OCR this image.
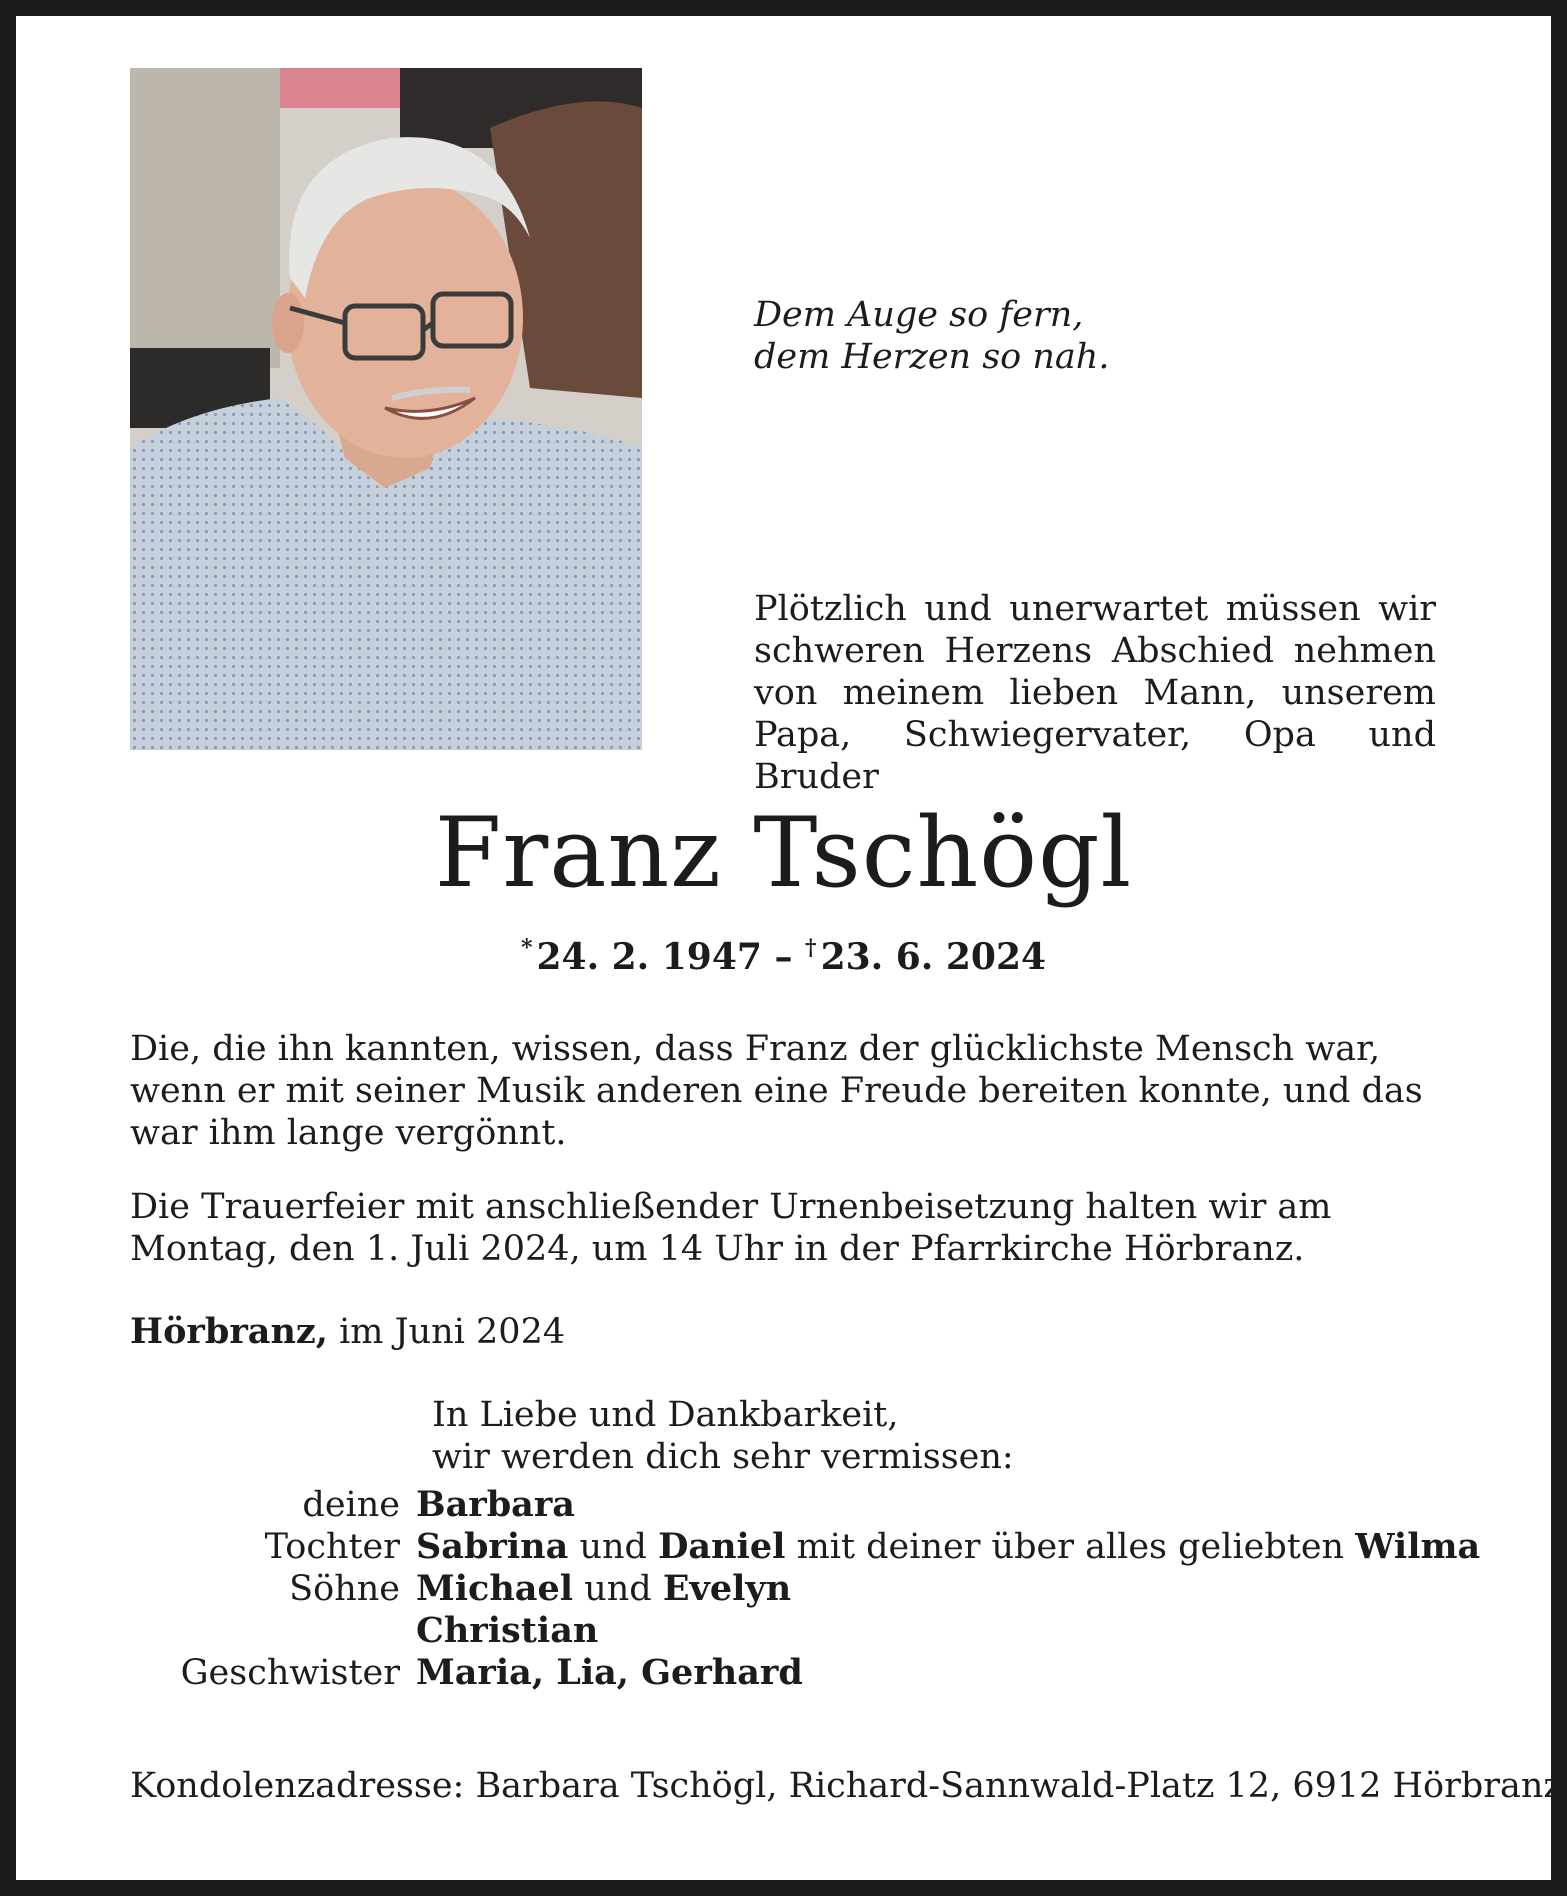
Dem Auge so fern,
dem Herzen so nah.
Plötzlich und unerwartet müssen wir
schweren Herzens Abschied nehmen
von meinem lieben Mann, unserem
Papa, Schwiegervater, Opa und Bruder
Franz Tschögl
* 24. 2. 1947 – † 23. 6. 2024
Die, die ihn kannten, wissen, dass Franz der glücklichste Mensch war, wenn er mit seiner Musik anderen eine Freude bereiten konnte, und das war ihm lange vergönnt.
Die Trauerfeier mit anschließender Urnenbeisetzung halten wir am Montag, den 1. Juli 2024, um 14 Uhr in der Pfarrkirche Hörbranz.
Hörbranz, im Juni 2024
In Liebe und Dankbarkeit,
wir werden dich sehr vermissen:
deine Barbara
Tochter Sabrina und Daniel mit deiner über alles geliebten Wilma
Söhne Michael und Evelyn
Christian
Geschwister Maria, Lia, Gerhard
Kondolenzadresse: Barbara Tschögl, Richard-Sannwald-Platz 12, 6912 Hörbranz
